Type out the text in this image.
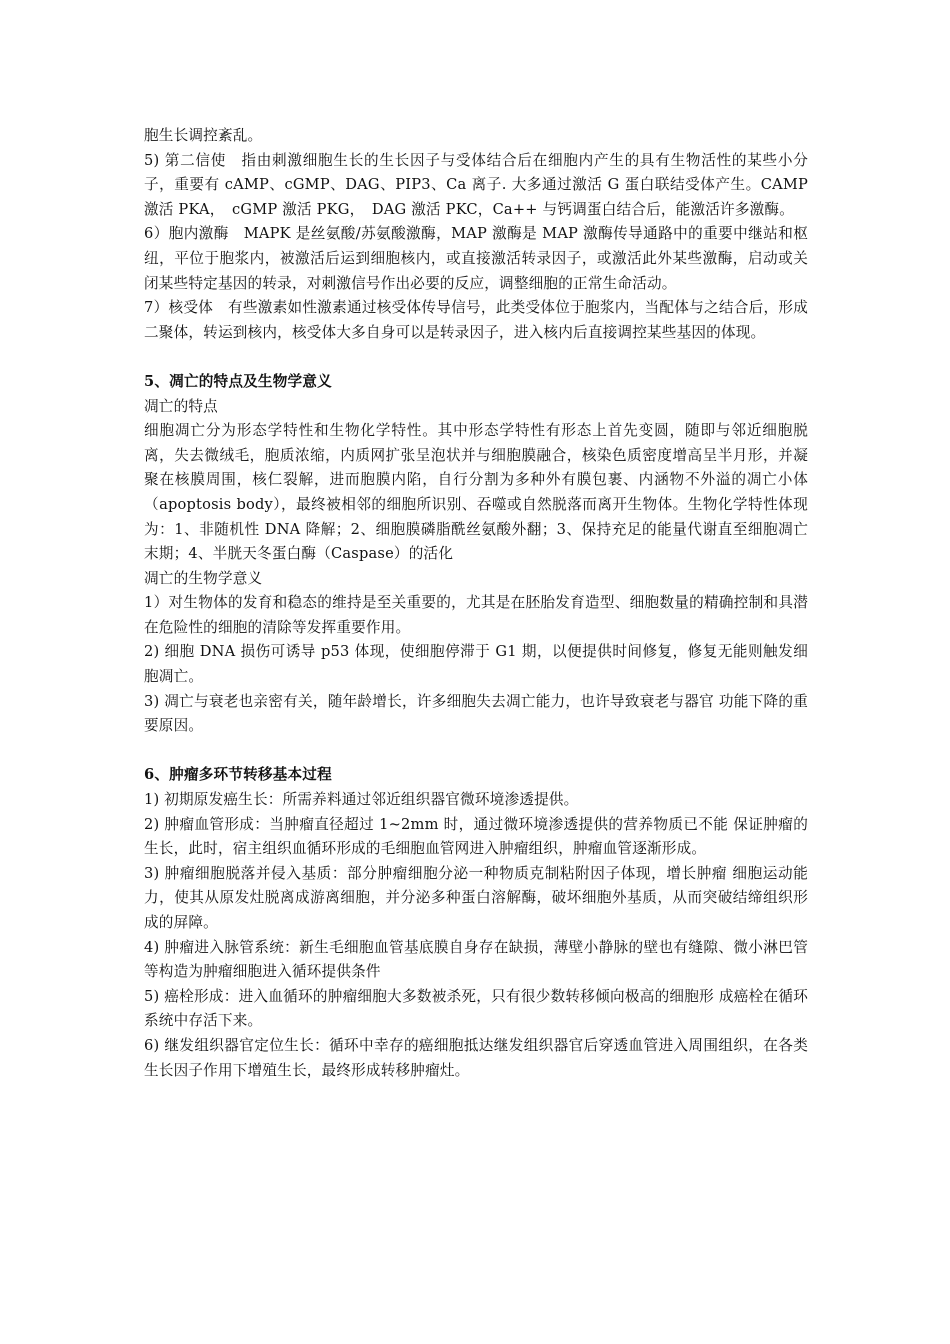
胞生长调控紊乱。

5) 第二信使　指由刺激细胞生长的生长因子与受体结合后在细胞内产生的具有生物活性的某些小分子，重要有 cAMP、cGMP、DAG、PIP3、Ca 离子. 大多通过激活 G 蛋白联结受体产生。CAMP 激活 PKA，　cGMP 激活 PKG，　DAG 激活 PKC，Ca++ 与钙调蛋白结合后，能激活许多激酶。

6）胞内激酶　MAPK 是丝氨酸/苏氨酸激酶，MAP 激酶是 MAP 激酶传导通路中的重要中继站和枢纽，平位于胞浆内，被激活后运到细胞核内，或直接激活转录因子，或激活此外某些激酶，启动或关闭某些特定基因的转录，对刺激信号作出必要的反应，调整细胞的正常生命活动。

7）核受体　有些激素如性激素通过核受体传导信号，此类受体位于胞浆内，当配体与之结合后，形成二聚体，转运到核内，核受体大多自身可以是转录因子，进入核内后直接调控某些基因的体现。

5、凋亡的特点及生物学意义

凋亡的特点

细胞凋亡分为形态学特性和生物化学特性。其中形态学特性有形态上首先变圆，随即与邻近细胞脱离，失去微绒毛，胞质浓缩，内质网扩张呈泡状并与细胞膜融合，核染色质密度增高呈半月形，并凝聚在核膜周围，核仁裂解，进而胞膜内陷，自行分割为多种外有膜包裹、内涵物不外溢的凋亡小体（apoptosis body），最终被相邻的细胞所识别、吞噬或自然脱落而离开生物体。生物化学特性体现为：1、非随机性 DNA 降解；2、细胞膜磷脂酰丝氨酸外翻；3、保持充足的能量代谢直至细胞凋亡末期；4、半胱天冬蛋白酶（Caspase）的活化

凋亡的生物学意义

1）对生物体的发育和稳态的维持是至关重要的，尤其是在胚胎发育造型、细胞数量的精确控制和具潜在危险性的细胞的清除等发挥重要作用。

2) 细胞 DNA 损伤可诱导 p53 体现，使细胞停滞于 G1 期，以便提供时间修复，修复无能则触发细胞凋亡。

3) 凋亡与衰老也亲密有关，随年龄增长，许多细胞失去凋亡能力，也许导致衰老与器官 功能下降的重要原因。

6、肿瘤多环节转移基本过程

1) 初期原发癌生长：所需养料通过邻近组织器官微环境渗透提供。

2) 肿瘤血管形成：当肿瘤直径超过 1~2mm 时，通过微环境渗透提供的营养物质已不能 保证肿瘤的生长，此时，宿主组织血循环形成的毛细胞血管网进入肿瘤组织，肿瘤血管逐渐形成。

3) 肿瘤细胞脱落并侵入基质：部分肿瘤细胞分泌一种物质克制粘附因子体现，增长肿瘤 细胞运动能力，使其从原发灶脱离成游离细胞，并分泌多种蛋白溶解酶，破坏细胞外基质，从而突破结缔组织形成的屏障。

4) 肿瘤进入脉管系统：新生毛细胞血管基底膜自身存在缺损，薄壁小静脉的壁也有缝隙、微小淋巴管等构造为肿瘤细胞进入循环提供条件

5) 癌栓形成：进入血循环的肿瘤细胞大多数被杀死，只有很少数转移倾向极高的细胞形 成癌栓在循环系统中存活下来。

6) 继发组织器官定位生长：循环中幸存的癌细胞抵达继发组织器官后穿透血管进入周围组织，在各类生长因子作用下增殖生长，最终形成转移肿瘤灶。
